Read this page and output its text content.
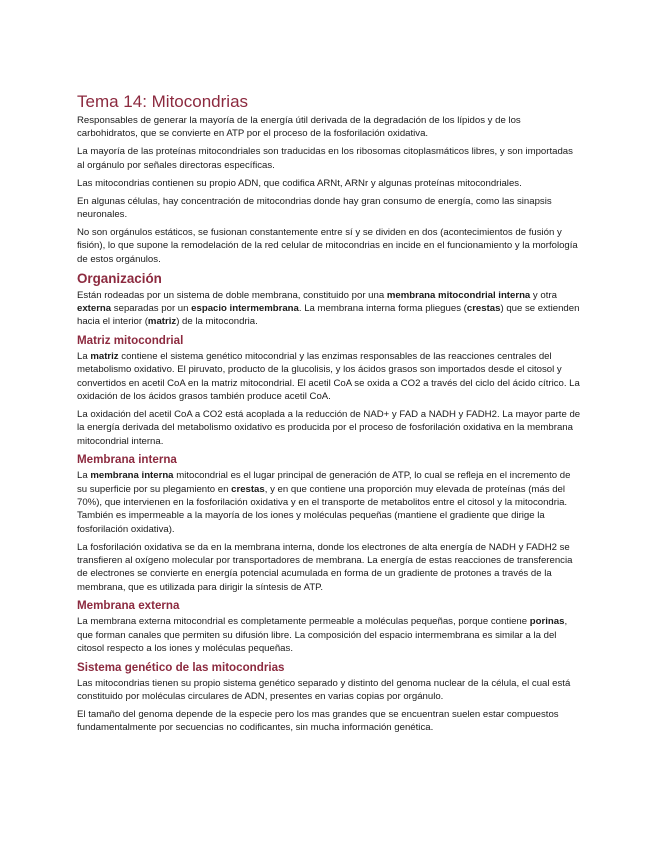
Tema 14: Mitocondrias

Responsables de generar la mayoría de la energía útil derivada de la degradación de los lípidos y de los carbohidratos, que se convierte en ATP por el proceso de la fosforilación oxidativa.

La mayoría de las proteínas mitocondriales son traducidas en los ribosomas citoplasmáticos libres, y son importadas al orgánulo por señales directoras específicas.

Las mitocondrias contienen su propio ADN, que codifica ARNt, ARNr y algunas proteínas mitocondriales.

En algunas células, hay concentración de mitocondrias donde hay gran consumo de energía, como las sinapsis neuronales.

No son orgánulos estáticos, se fusionan constantemente entre sí y se dividen en dos (acontecimientos de fusión y fisión), lo que supone la remodelación de la red celular de mitocondrias en incide en el funcionamiento y la morfología de estos orgánulos.

Organización

Están rodeadas por un sistema de doble membrana, constituido por una membrana mitocondrial interna y otra externa separadas por un espacio intermembrana. La membrana interna forma pliegues (crestas) que se extienden hacia el interior (matriz) de la mitocondria.

Matriz mitocondrial

La matriz contiene el sistema genético mitocondrial y las enzimas responsables de las reacciones centrales del metabolismo oxidativo. El piruvato, producto de la glucolisis, y los ácidos grasos son importados desde el citosol y convertidos en acetil CoA en la matriz mitocondrial. El acetil CoA se oxida a CO2 a través del ciclo del ácido cítrico. La oxidación de los ácidos grasos también produce acetil CoA.

La oxidación del acetil CoA a CO2 está acoplada a la reducción de NAD+ y FAD a NADH y FADH2. La mayor parte de la energía derivada del metabolismo oxidativo es producida por el proceso de fosforilación oxidativa en la membrana mitocondrial interna.

Membrana interna

La membrana interna mitocondrial es el lugar principal de generación de ATP, lo cual se refleja en el incremento de su superficie por su plegamiento en crestas, y en que contiene una proporción muy elevada de proteínas (más del 70%), que intervienen en la fosforilación oxidativa y en el transporte de metabolitos entre el citosol y la mitocondria. También es impermeable a la mayoría de los iones y moléculas pequeñas (mantiene el gradiente que dirige la fosforilación oxidativa).

La fosforilación oxidativa se da en la membrana interna, donde los electrones de alta energía de NADH y FADH2 se transfieren al oxígeno molecular por transportadores de membrana. La energía de estas reacciones de transferencia de electrones se convierte en energía potencial acumulada en forma de un gradiente de protones a través de la membrana, que es utilizada para dirigir la síntesis de ATP.

Membrana externa

La membrana externa mitocondrial es completamente permeable a moléculas pequeñas, porque contiene porinas, que forman canales que permiten su difusión libre. La composición del espacio intermembrana es similar a la del citosol respecto a los iones y moléculas pequeñas.

Sistema genético de las mitocondrias

Las mitocondrias tienen su propio sistema genético separado y distinto del genoma nuclear de la célula, el cual está constituido por moléculas circulares de ADN, presentes en varias copias por orgánulo.

El tamaño del genoma depende de la especie pero los mas grandes que se encuentran suelen estar compuestos fundamentalmente por secuencias no codificantes, sin mucha información genética.
